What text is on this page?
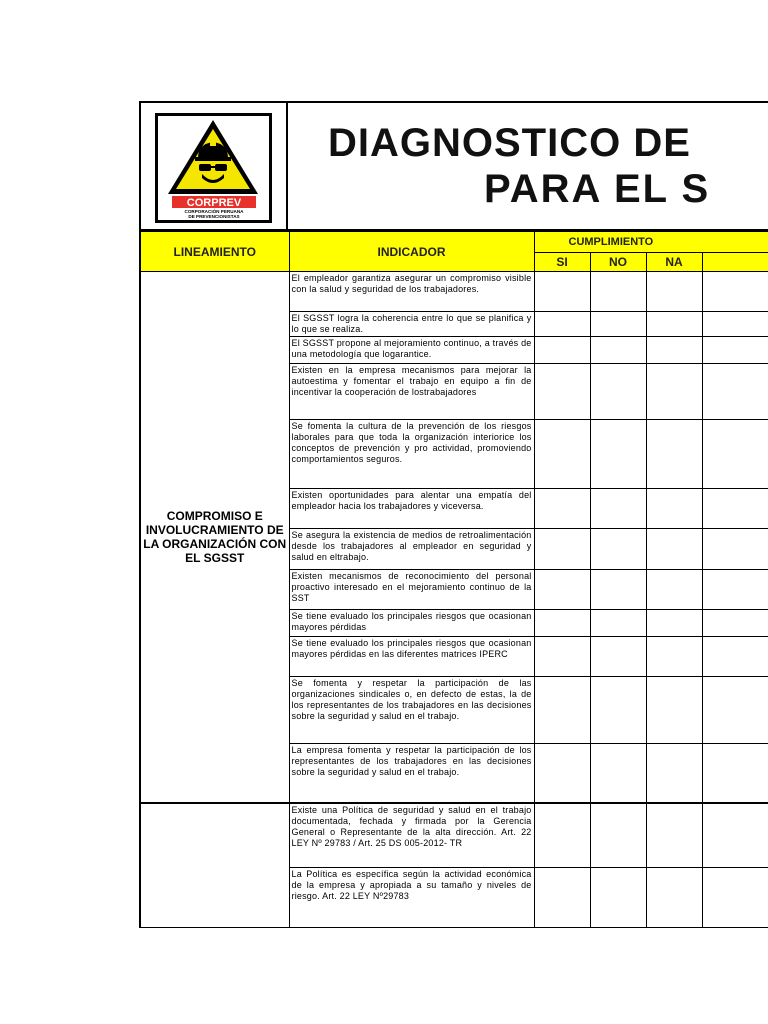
CORPREV
CORPORACIÓN PERUANA
DE PREVENCIONISTAS
DIAGNOSTICO DE
PARA EL S
LINEAMIENTO	INDICADOR	CUMPLIMIENTO			
		SI	NO	NA	
COMPROMISO E INVOLUCRAMIENTO DE LA ORGANIZACIÓN CON EL SGSST	El empleador garantiza asegurar un compromiso visible con la salud y seguridad de los trabajadores.				
	El SGSST logra la coherencia entre lo que se planifica y lo que se realiza.				
	El SGSST propone al mejoramiento continuo, a través de una metodología que logarantice.				
	Existen en la empresa mecanismos para mejorar la autoestima y fomentar el trabajo en equipo a fin de incentivar la cooperación de lostrabajadores				
	Se fomenta la cultura de la prevención de los riesgos laborales para que toda la organización interiorice los conceptos de prevención y pro actividad, promoviendo comportamientos seguros.				
	Existen oportunidades para alentar una empatía del empleador hacia los trabajadores y viceversa.				
	Se asegura la existencia de medios de retroalimentación desde los trabajadores al empleador en seguridad y salud en eltrabajo.				
	Existen mecanismos de reconocimiento del personal proactivo interesado en el mejoramiento continuo de la SST				
	Se tiene evaluado los principales riesgos que ocasionan mayores pérdidas				
	Se tiene evaluado los principales riesgos que ocasionan mayores pérdidas en las diferentes matrices IPERC				
	Se fomenta y respetar la participación de las organizaciones sindicales o, en defecto de estas, la de los representantes de los trabajadores en las decisiones sobre la seguridad y salud en el trabajo.				
	La empresa fomenta y respetar la participación de los representantes de los trabajadores en las decisiones sobre la seguridad y salud en el trabajo.				
	Existe una Política de seguridad y salud en el trabajo documentada, fechada y firmada por la Gerencia General o Representante de la alta dirección. Art. 22 LEY Nº 29783 / Art. 25 DS 005-2012- TR				
	La Política es específica según la actividad económica de la empresa y apropiada a su tamaño y niveles de riesgo. Art. 22 LEY Nº29783				
